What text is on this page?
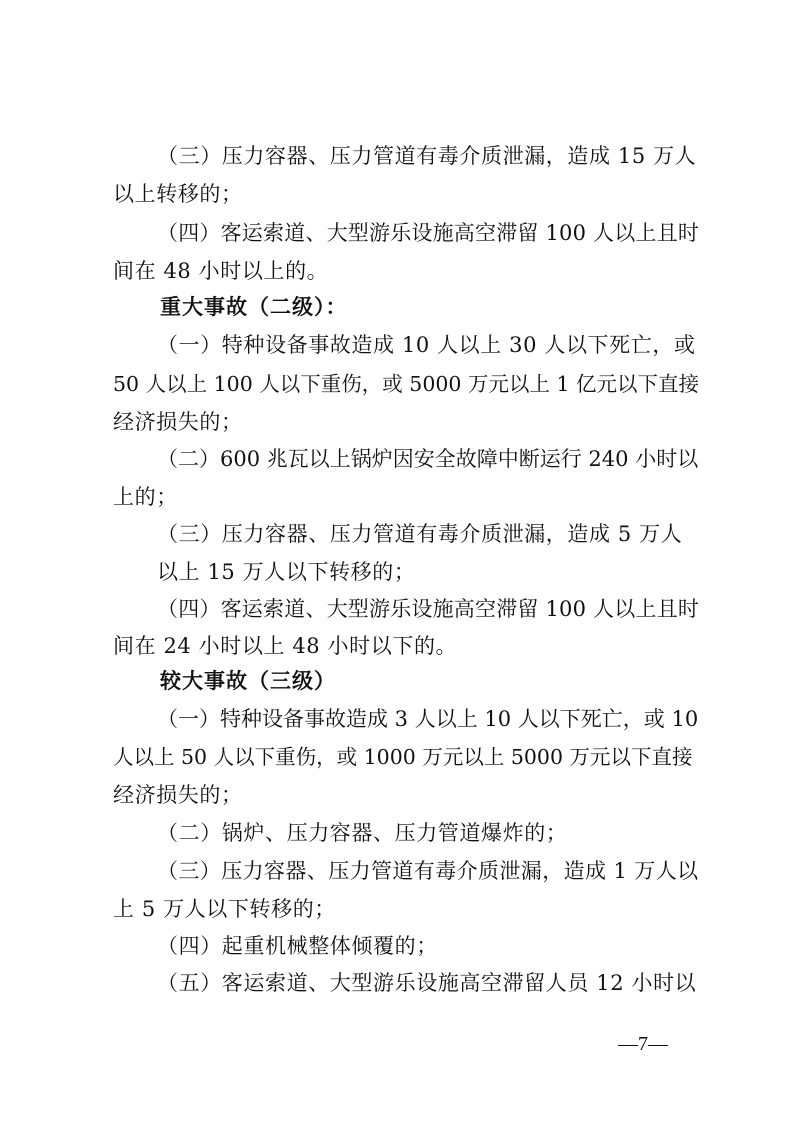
（三）压力容器、压力管道有毒介质泄漏，造成 15 万人
以上转移的；
（四）客运索道、大型游乐设施高空滞留 100 人以上且时
间在 48 小时以上的。
重大事故（二级）：
（一）特种设备事故造成 10 人以上 30 人以下死亡，或
50 人以上 100 人以下重伤，或 5000 万元以上 1 亿元以下直接
经济损失的；
（二）600 兆瓦以上锅炉因安全故障中断运行 240 小时以
上的；
（三）压力容器、压力管道有毒介质泄漏，造成 5 万人
以上 15 万人以下转移的；
（四）客运索道、大型游乐设施高空滞留 100 人以上且时
间在 24 小时以上 48 小时以下的。
较大事故（三级）
（一）特种设备事故造成 3 人以上 10 人以下死亡，或 10
人以上 50 人以下重伤，或 1000 万元以上 5000 万元以下直接
经济损失的；
（二）锅炉、压力容器、压力管道爆炸的；
（三）压力容器、压力管道有毒介质泄漏，造成 1 万人以
上 5 万人以下转移的；
（四）起重机械整体倾覆的；
（五）客运索道、大型游乐设施高空滞留人员 12 小时以
—7—
